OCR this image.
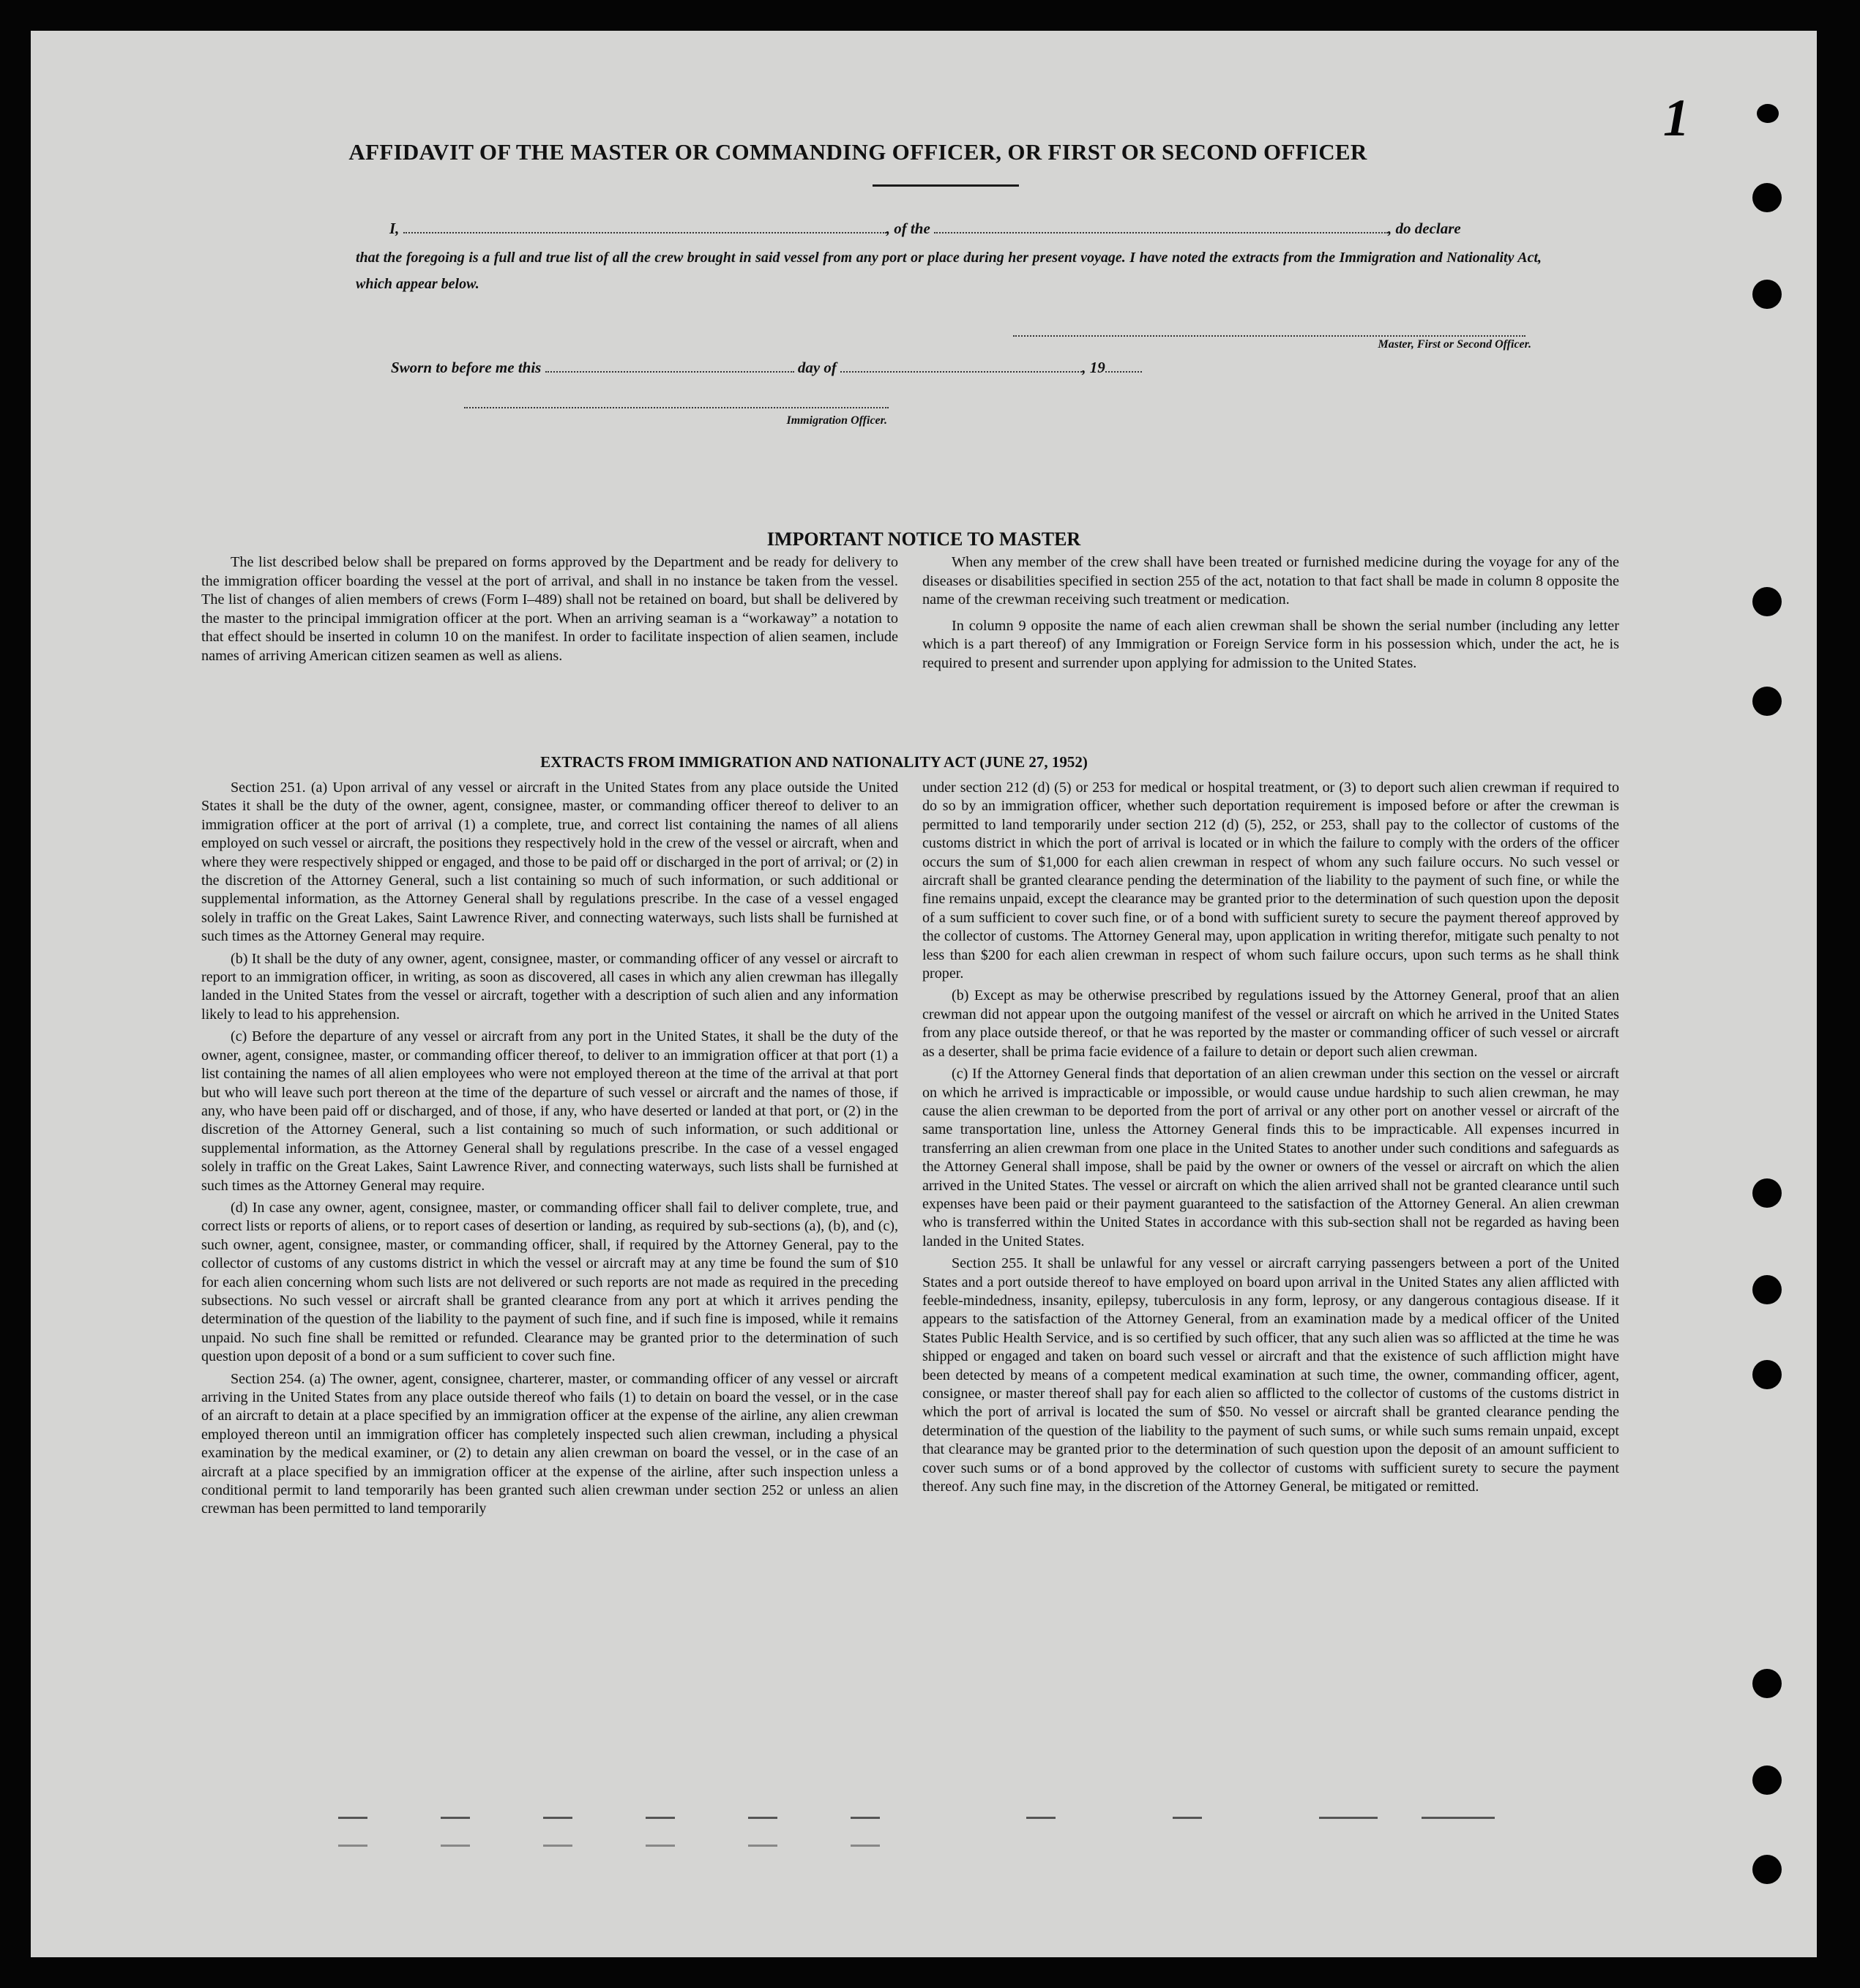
1
AFFIDAVIT OF THE MASTER OR COMMANDING OFFICER, OR FIRST OR SECOND OFFICER
I,	, of the	, do declare
that the foregoing is a full and true list of all the crew brought in said vessel from any port or place during her present voyage. I have noted the extracts from the Immigration and Nationality Act, which appear below.
Master, First or Second Officer.
Sworn to before me this	day of	, 19
Immigration Officer.
IMPORTANT NOTICE TO MASTER

The list described below shall be prepared on forms approved by the Department and be ready for delivery to the immigration officer boarding the vessel at the port of arrival, and shall in no instance be taken from the vessel. The list of changes of alien members of crews (Form I–489) shall not be retained on board, but shall be delivered by the master to the principal immigration officer at the port. When an arriving seaman is a “workaway” a notation to that effect should be inserted in column 10 on the manifest. In order to facilitate inspection of alien seamen, include names of arriving American citizen seamen as well as aliens.

When any member of the crew shall have been treated or furnished medicine during the voyage for any of the diseases or disabilities specified in section 255 of the act, notation to that fact shall be made in column 8 opposite the name of the crewman receiving such treatment or medication.

In column 9 opposite the name of each alien crewman shall be shown the serial number (including any letter which is a part thereof) of any Immigration or Foreign Service form in his possession which, under the act, he is required to present and surrender upon applying for admission to the United States.

EXTRACTS FROM IMMIGRATION AND NATIONALITY ACT (JUNE 27, 1952)

Section 251. (a) Upon arrival of any vessel or aircraft in the United States from any place outside the United States it shall be the duty of the owner, agent, consignee, master, or commanding officer thereof to deliver to an immigration officer at the port of arrival (1) a complete, true, and correct list containing the names of all aliens employed on such vessel or aircraft, the positions they respectively hold in the crew of the vessel or aircraft, when and where they were respectively shipped or engaged, and those to be paid off or discharged in the port of arrival; or (2) in the discretion of the Attorney General, such a list containing so much of such information, or such additional or supplemental information, as the Attorney General shall by regulations prescribe. In the case of a vessel engaged solely in traffic on the Great Lakes, Saint Lawrence River, and connecting waterways, such lists shall be furnished at such times as the Attorney General may require.

(b) It shall be the duty of any owner, agent, consignee, master, or commanding officer of any vessel or aircraft to report to an immigration officer, in writing, as soon as discovered, all cases in which any alien crewman has illegally landed in the United States from the vessel or aircraft, together with a description of such alien and any information likely to lead to his apprehension.

(c) Before the departure of any vessel or aircraft from any port in the United States, it shall be the duty of the owner, agent, consignee, master, or commanding officer thereof, to deliver to an immigration officer at that port (1) a list containing the names of all alien employees who were not employed thereon at the time of the arrival at that port but who will leave such port thereon at the time of the departure of such vessel or aircraft and the names of those, if any, who have been paid off or discharged, and of those, if any, who have deserted or landed at that port, or (2) in the discretion of the Attorney General, such a list containing so much of such information, or such additional or supplemental information, as the Attorney General shall by regulations prescribe. In the case of a vessel engaged solely in traffic on the Great Lakes, Saint Lawrence River, and connecting waterways, such lists shall be furnished at such times as the Attorney General may require.

(d) In case any owner, agent, consignee, master, or commanding officer shall fail to deliver complete, true, and correct lists or reports of aliens, or to report cases of desertion or landing, as required by sub-sections (a), (b), and (c), such owner, agent, consignee, master, or commanding officer, shall, if required by the Attorney General, pay to the collector of customs of any customs district in which the vessel or aircraft may at any time be found the sum of $10 for each alien concerning whom such lists are not delivered or such reports are not made as required in the preceding subsections. No such vessel or aircraft shall be granted clearance from any port at which it arrives pending the determination of the question of the liability to the payment of such fine, and if such fine is imposed, while it remains unpaid. No such fine shall be remitted or refunded. Clearance may be granted prior to the determination of such question upon deposit of a bond or a sum sufficient to cover such fine.

Section 254. (a) The owner, agent, consignee, charterer, master, or commanding officer of any vessel or aircraft arriving in the United States from any place outside thereof who fails (1) to detain on board the vessel, or in the case of an aircraft to detain at a place specified by an immigration officer at the expense of the airline, any alien crewman employed thereon until an immigration officer has completely inspected such alien crewman, including a physical examination by the medical examiner, or (2) to detain any alien crewman on board the vessel, or in the case of an aircraft at a place specified by an immigration officer at the expense of the airline, after such inspection unless a conditional permit to land temporarily has been granted such alien crewman under section 252 or unless an alien crewman has been permitted to land temporarily

under section 212 (d) (5) or 253 for medical or hospital treatment, or (3) to deport such alien crewman if required to do so by an immigration officer, whether such deportation requirement is imposed before or after the crewman is permitted to land temporarily under section 212 (d) (5), 252, or 253, shall pay to the collector of customs of the customs district in which the port of arrival is located or in which the failure to comply with the orders of the officer occurs the sum of $1,000 for each alien crewman in respect of whom any such failure occurs. No such vessel or aircraft shall be granted clearance pending the determination of the liability to the payment of such fine, or while the fine remains unpaid, except the clearance may be granted prior to the determination of such question upon the deposit of a sum sufficient to cover such fine, or of a bond with sufficient surety to secure the payment thereof approved by the collector of customs. The Attorney General may, upon application in writing therefor, mitigate such penalty to not less than $200 for each alien crewman in respect of whom such failure occurs, upon such terms as he shall think proper.

(b) Except as may be otherwise prescribed by regulations issued by the Attorney General, proof that an alien crewman did not appear upon the outgoing manifest of the vessel or aircraft on which he arrived in the United States from any place outside thereof, or that he was reported by the master or commanding officer of such vessel or aircraft as a deserter, shall be prima facie evidence of a failure to detain or deport such alien crewman.

(c) If the Attorney General finds that deportation of an alien crewman under this section on the vessel or aircraft on which he arrived is impracticable or impossible, or would cause undue hardship to such alien crewman, he may cause the alien crewman to be deported from the port of arrival or any other port on another vessel or aircraft of the same transportation line, unless the Attorney General finds this to be impracticable. All expenses incurred in transferring an alien crewman from one place in the United States to another under such conditions and safeguards as the Attorney General shall impose, shall be paid by the owner or owners of the vessel or aircraft on which the alien arrived in the United States. The vessel or aircraft on which the alien arrived shall not be granted clearance until such expenses have been paid or their payment guaranteed to the satisfaction of the Attorney General. An alien crewman who is transferred within the United States in accordance with this sub-section shall not be regarded as having been landed in the United States.

Section 255. It shall be unlawful for any vessel or aircraft carrying passengers between a port of the United States and a port outside thereof to have employed on board upon arrival in the United States any alien afflicted with feeble-mindedness, insanity, epilepsy, tuberculosis in any form, leprosy, or any dangerous contagious disease. If it appears to the satisfaction of the Attorney General, from an examination made by a medical officer of the United States Public Health Service, and is so certified by such officer, that any such alien was so afflicted at the time he was shipped or engaged and taken on board such vessel or aircraft and that the existence of such affliction might have been detected by means of a competent medical examination at such time, the owner, commanding officer, agent, consignee, or master thereof shall pay for each alien so afflicted to the collector of customs of the customs district in which the port of arrival is located the sum of $50. No vessel or aircraft shall be granted clearance pending the determination of the question of the liability to the payment of such sums, or while such sums remain unpaid, except that clearance may be granted prior to the determination of such question upon the deposit of an amount sufficient to cover such sums or of a bond approved by the collector of customs with sufficient surety to secure the payment thereof. Any such fine may, in the discretion of the Attorney General, be mitigated or remitted.
